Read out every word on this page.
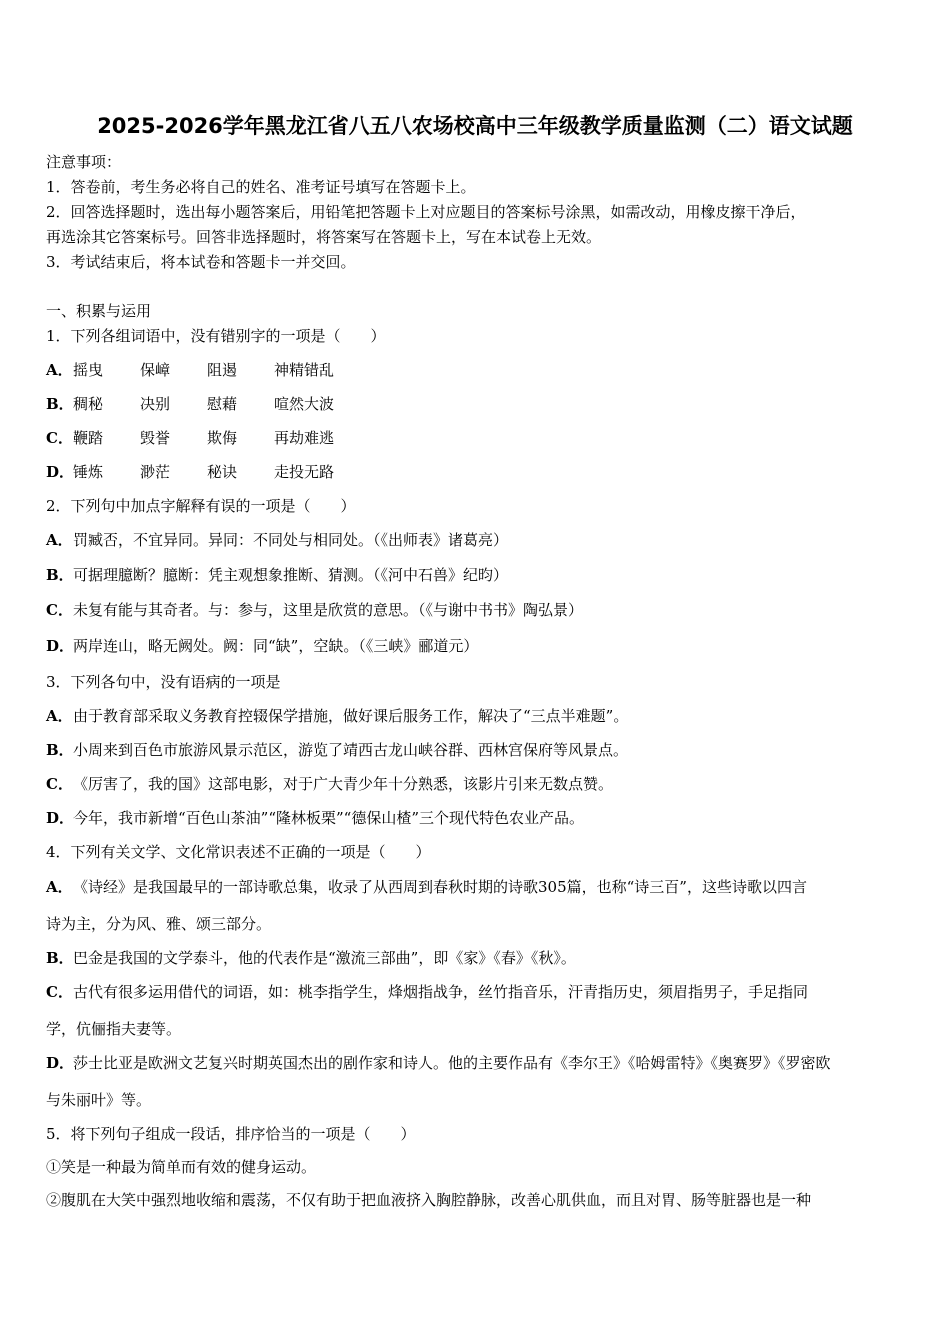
2025-2026学年黑龙江省八五八农场校高中三年级教学质量监测（二）语文试题
注意事项：
1．答卷前，考生务必将自己的姓名、准考证号填写在答题卡上。
2．回答选择题时，选出每小题答案后，用铅笔把答题卡上对应题目的答案标号涂黑，如需改动，用橡皮擦干净后，
再选涂其它答案标号。回答非选择题时，将答案写在答题卡上，写在本试卷上无效。
3．考试结束后，将本试卷和答题卡一并交回。
一、积累与运用
1．下列各组词语中，没有错别字的一项是（　　）
A．摇曳 保嶂 阻遏 神精错乱
B．稠秘 决别 慰藉 喧然大波
C．鞭踏 毁誉 欺侮 再劫难逃
D．锤炼 渺茫 秘诀 走投无路
2．下列句中加点字解释有误的一项是（　　）
A．罚臧否，不宜异同。异同：不同处与相同处。（《出师表》诸葛亮）
B．可据理臆断？臆断：凭主观想象推断、猜测。（《河中石兽》纪昀）
C．未复有能与其奇者。与：参与，这里是欣赏的意思。（《与谢中书书》陶弘景）
D．两岸连山，略无阙处。阙：同“缺”，空缺。（《三峡》郦道元）
3．下列各句中，没有语病的一项是
A．由于教育部采取义务教育控辍保学措施，做好课后服务工作，解决了“三点半难题”。
B．小周来到百色市旅游风景示范区，游览了靖西古龙山峡谷群、西林宫保府等风景点。
C．《厉害了，我的国》这部电影，对于广大青少年十分熟悉，该影片引来无数点赞。
D．今年，我市新增“百色山茶油”“隆林板栗”“德保山楂”三个现代特色农业产品。
4．下列有关文学、文化常识表述不正确的一项是（　　）
A．《诗经》是我国最早的一部诗歌总集，收录了从西周到春秋时期的诗歌305篇，也称“诗三百”，这些诗歌以四言
诗为主，分为风、雅、颂三部分。
B．巴金是我国的文学泰斗，他的代表作是“激流三部曲”，即《家》《春》《秋》。
C．古代有很多运用借代的词语，如：桃李指学生，烽烟指战争，丝竹指音乐，汗青指历史，须眉指男子，手足指同
学，伉俪指夫妻等。
D．莎士比亚是欧洲文艺复兴时期英国杰出的剧作家和诗人。他的主要作品有《李尔王》《哈姆雷特》《奥赛罗》《罗密欧
与朱丽叶》等。
5．将下列句子组成一段话，排序恰当的一项是（　　）
①笑是一种最为简单而有效的健身运动。
②腹肌在大笑中强烈地收缩和震荡，不仅有助于把血液挤入胸腔静脉，改善心肌供血，而且对胃、肠等脏器也是一种
